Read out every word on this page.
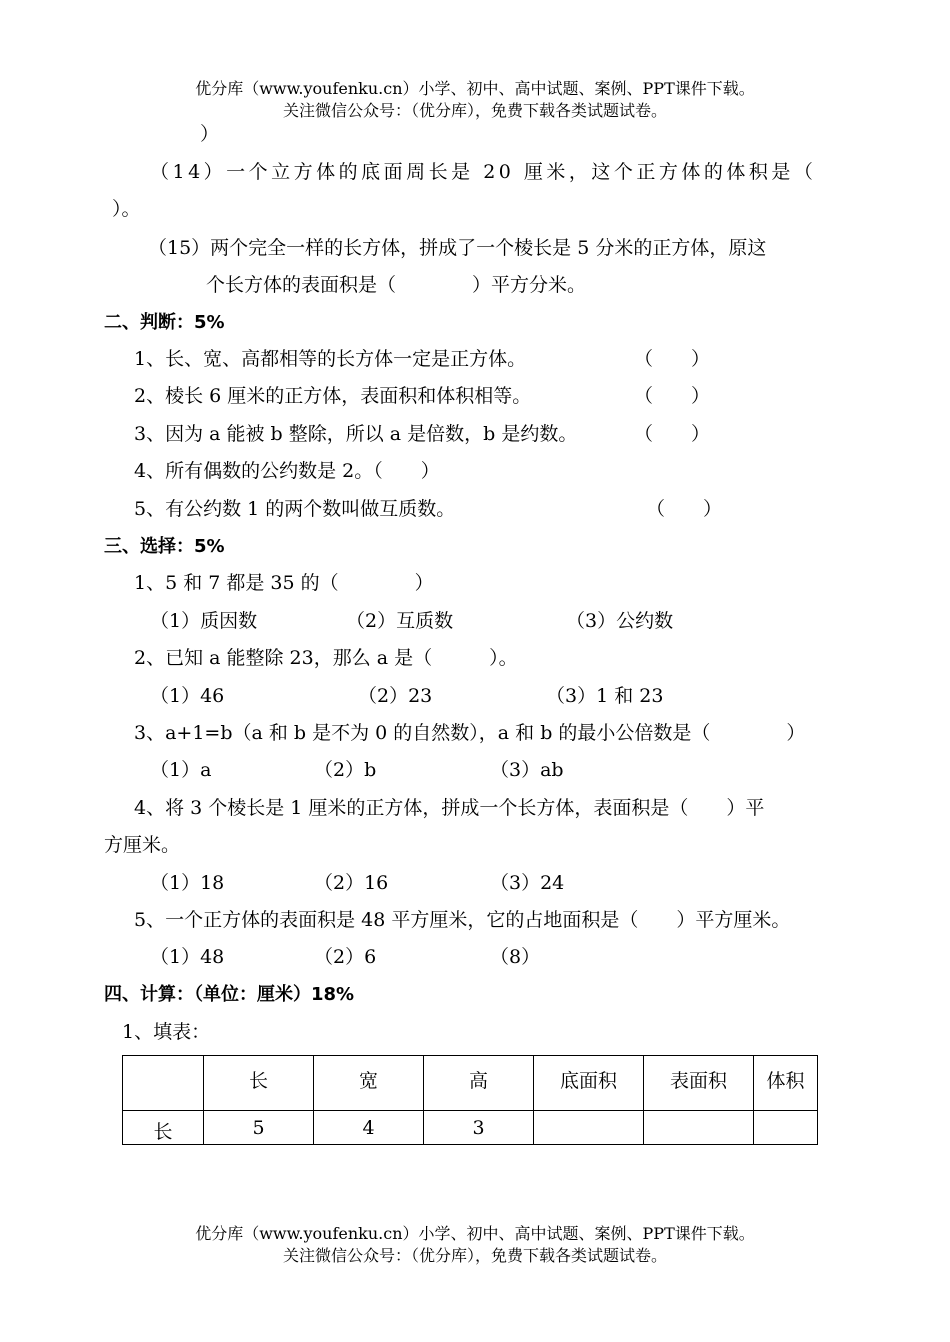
优分库（www.youfenku.cn）小学、初中、高中试题、案例、PPT课件下载。
关注微信公众号：（优分库），免费下载各类试题试卷。
）
（14）一个立方体的底面周长是 20 厘米，这个正方体的体积是（
）。
（15）两个完全一样的长方体，拼成了一个棱长是 5 分米的正方体，原这
个长方体的表面积是（　　　　）平方分米。
二、判断：5%
1、长、宽、高都相等的长方体一定是正方体。	（　　）
2、棱长 6 厘米的正方体，表面积和体积相等。	（　　）
3、因为 a 能被 b 整除，所以 a 是倍数，b 是约数。	（　　）
4、所有偶数的公约数是 2。（　　）
5、有公约数 1 的两个数叫做互质数。	（　　）
三、选择：5%
1、5 和 7 都是 35 的（　　　　）
（1）质因数	（2）互质数	（3）公约数
2、已知 a 能整除 23，那么 a 是（　　　）。
（1）46	（2）23	（3）1 和 23
3、a+1=b（a 和 b 是不为 0 的自然数），a 和 b 的最小公倍数是（　　　　）
（1）a	（2）b	（3）ab
4、将 3 个棱长是 1 厘米的正方体，拼成一个长方体，表面积是（　　）平
方厘米。
（1）18	（2）16	（3）24
5、一个正方体的表面积是 48 平方厘米，它的占地面积是（　　）平方厘米。
（1）48	（2）6	（8）
四、计算：（单位：厘米）18%
1、填表：
	长	宽	高	底面积	表面积	体积
长	5	4	3			
优分库（www.youfenku.cn）小学、初中、高中试题、案例、PPT课件下载。
关注微信公众号：（优分库），免费下载各类试题试卷。
